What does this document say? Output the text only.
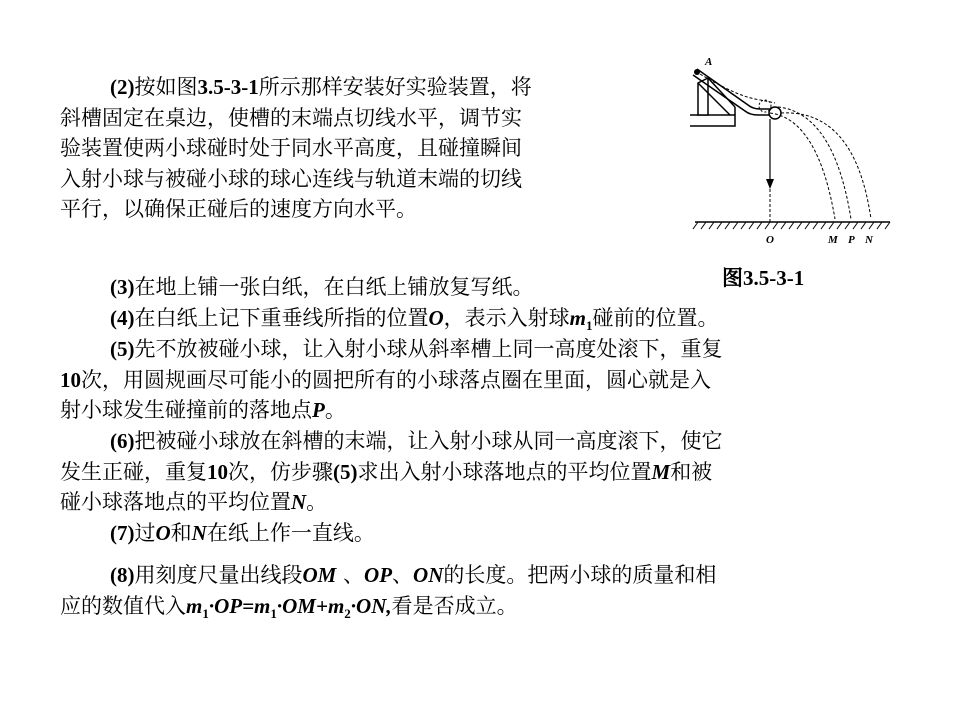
(2)按如图3.5-3-1所示那样安装好实验装置，将
斜槽固定在桌边，使槽的末端点切线水平，调节实
验装置使两小球碰时处于同水平高度，且碰撞瞬间
入射小球与被碰小球的球心连线与轨道末端的切线
平行，以确保正碰后的速度方向水平。
A
O	M P N
图3.5-3-1
(3)在地上铺一张白纸，在白纸上铺放复写纸。
(4)在白纸上记下重垂线所指的位置O，表示入射球$m_1$碰前的位置。
(5)先不放被碰小球，让入射小球从斜率槽上同一高度处滚下，重复
10次，用圆规画尽可能小的圆把所有的小球落点圈在里面，圆心就是入
射小球发生碰撞前的落地点P。
(6)把被碰小球放在斜槽的末端，让入射小球从同一高度滚下，使它
发生正碰，重复10次，仿步骤(5)求出入射小球落地点的平均位置M和被
碰小球落地点的平均位置N。
(7)过O和N在纸上作一直线。
(8)用刻度尺量出线段OM 、OP、ON的长度。把两小球的质量和相
应的数值代入$m_1\cdot OP=m_1\cdot OM+m_2\cdot ON$,看是否成立。
